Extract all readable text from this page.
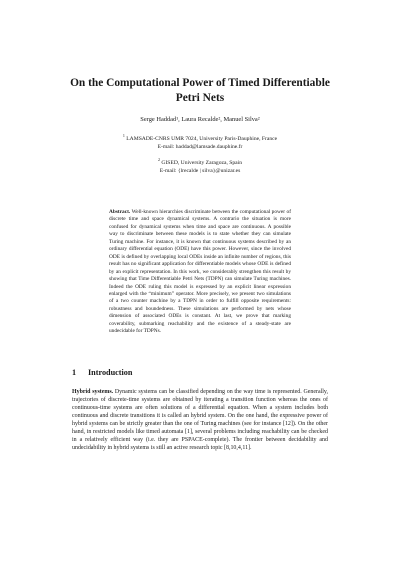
On the Computational Power of Timed Differentiable Petri Nets
Serge Haddad¹, Laura Recalde², Manuel Silva²
$^1$ LAMSADE-CNRS UMR 7024, University Paris-Dauphine, France
E-mail: haddad@lamsade.dauphine.fr
$^2$ GISED, University Zaragoza, Spain
E-mail: {lrecalde | silva}@unizar.es
Abstract. Well-known hierarchies discriminate between the computational power of discrete time and space dynamical systems. A contrario the situation is more confused for dynamical systems when time and space are continuous. A possible way to discriminate between these models is to state whether they can simulate Turing machine. For instance, it is known that continuous systems described by an ordinary differential equation (ODE) have this power. However, since the involved ODE is defined by overlapping local ODEs inside an infinite number of regions, this result has no significant application for differentiable models whose ODE is defined by an explicit representation. In this work, we considerably strengthen this result by showing that Time Differentiable Petri Nets (TDPN) can simulate Turing machines. Indeed the ODE ruling this model is expressed by an explicit linear expression enlarged with the “minimum” operator. More precisely, we present two simulations of a two counter machine by a TDPN in order to fulfill opposite requirements: robustness and boundedness. These simulations are performed by nets whose dimension of associated ODEs is constant. At last, we prove that marking coverability, submarking reachability and the existence of a steady-state are undecidable for TDPNs.
1 Introduction
Hybrid systems. Dynamic systems can be classified depending on the way time is represented. Generally, trajectories of discrete-time systems are obtained by iterating a transition function whereas the ones of continuous-time systems are often solutions of a differential equation. When a system includes both continuous and discrete transitions it is called an hybrid system. On the one hand, the expressive power of hybrid systems can be strictly greater than the one of Turing machines (see for instance [12]). On the other hand, in restricted models like timed automata [1], several problems including reachability can be checked in a relatively efficient way (i.e. they are PSPACE-complete). The frontier between decidability and undecidability in hybrid systems is still an active research topic [8,10,4,11].
